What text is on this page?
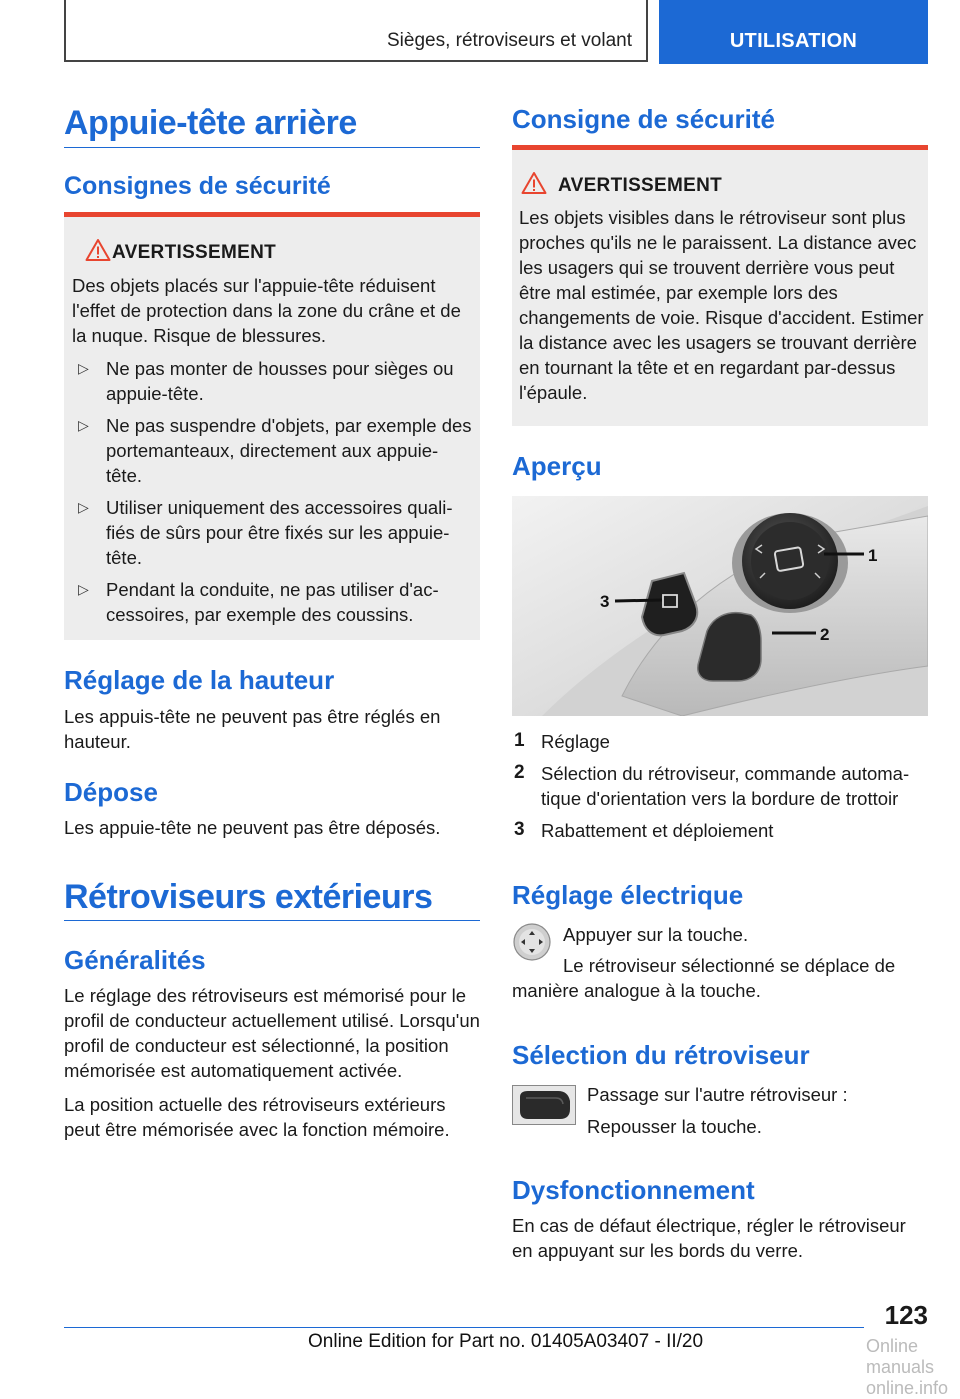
Sièges, rétroviseurs et volant	UTILISATION
Appuie-tête arrière
Consignes de sécurité
AVERTISSEMENT
Des objets placés sur l'appuie-tête réduisent l'effet de protection dans la zone du crâne et de la nuque. Risque de blessures.
▷ Ne pas monter de housses pour sièges ou appuie-tête.
▷ Ne pas suspendre d'objets, par exemple des portemanteaux, directement aux appuie-tête.
▷ Utiliser uniquement des accessoires qualifiés de sûrs pour être fixés sur les appuie-tête.
▷ Pendant la conduite, ne pas utiliser d'accessoires, par exemple des coussins.
Réglage de la hauteur
Les appuis-tête ne peuvent pas être réglés en hauteur.
Dépose
Les appuie-tête ne peuvent pas être déposés.
Rétroviseurs extérieurs
Généralités
Le réglage des rétroviseurs est mémorisé pour le profil de conducteur actuellement utilisé. Lorsqu'un profil de conducteur est sélectionné, la position mémorisée est automatiquement activée.
La position actuelle des rétroviseurs extérieurs peut être mémorisée avec la fonction mémoire.
Consigne de sécurité
AVERTISSEMENT
Les objets visibles dans le rétroviseur sont plus proches qu'ils ne le paraissent. La distance avec les usagers qui se trouvent derrière vous peut être mal estimée, par exemple lors des changements de voie. Risque d'accident. Estimer la distance avec les usagers se trouvant derrière en tournant la tête et en regardant par-dessus l'épaule.
Aperçu
1
2
3
1 Réglage
2 Sélection du rétroviseur, commande automatique d'orientation vers la bordure de trottoir
3 Rabattement et déploiement
Réglage électrique
Appuyer sur la touche.
Le rétroviseur sélectionné se déplace de manière analogue à la touche.
Sélection du rétroviseur
Passage sur l'autre rétroviseur :
Repousser la touche.
Dysfonctionnement
En cas de défaut électrique, régler le rétroviseur en appuyant sur les bords du verre.
123
Online Edition for Part no. 01405A03407 - II/20	Online manuals online.info
